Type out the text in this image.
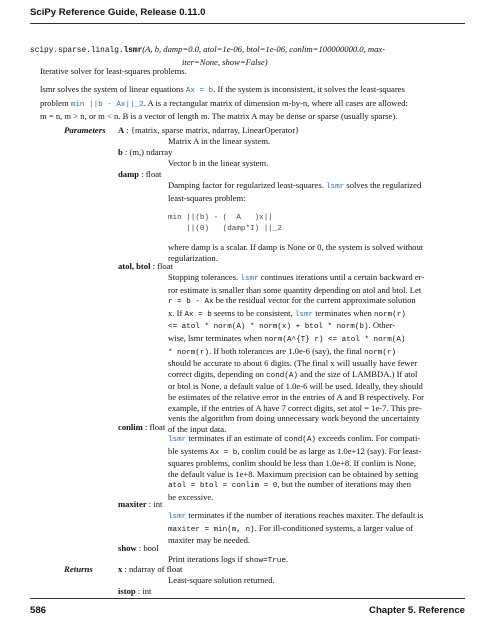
SciPy Reference Guide, Release 0.11.0
scipy.sparse.linalg.lsmr(A, b, damp=0.0, atol=1e-06, btol=1e-06, conlim=100000000.0, max-
iter=None, show=False)
Iterative solver for least-squares problems.
lsmr solves the system of linear equations Ax = b. If the system is inconsistent, it solves the least-squares
problem min ||b - Ax||_2. A is a rectangular matrix of dimension m-by-n, where all cases are allowed:
m = n, m > n, or m < n. B is a vector of length m. The matrix A may be dense or sparse (usually sparse).
Parameters A : {matrix, sparse matrix, ndarray, LinearOperator}
Matrix A in the linear system.
b : (m,) ndarray
Vector b in the linear system.
damp : float
Damping factor for regularized least-squares. lsmr solves the regularized
least-squares problem:
min ||(b) - (  A   )x||
||(0)   (damp*I) ||_2
where damp is a scalar. If damp is None or 0, the system is solved without
regularization.
atol, btol : float
Stopping tolerances. lsmr continues iterations until a certain backward er-
ror estimate is smaller than some quantity depending on atol and btol. Let
r = b - Ax be the residual vector for the current approximate solution
x. If Ax = b seems to be consistent, lsmr terminates when norm(r)
<= atol * norm(A) * norm(x) + btol * norm(b). Other-
wise, lsmr terminates when norm(A^{T} r) <= atol * norm(A)
* norm(r). If both tolerances are 1.0e-6 (say), the final norm(r)
should be accurate to about 6 digits. (The final x will usually have fewer
correct digits, depending on cond(A) and the size of LAMBDA.) If atol
or btol is None, a default value of 1.0e-6 will be used. Ideally, they should
be estimates of the relative error in the entries of A and B respectively. For
example, if the entries of A have 7 correct digits, set atol = 1e-7. This pre-
vents the algorithm from doing unnecessary work beyond the uncertainty
of the input data.
conlim : float
lsmr terminates if an estimate of cond(A) exceeds conlim. For compati-
ble systems Ax = b, conlim could be as large as 1.0e+12 (say). For least-
squares problems, conlim should be less than 1.0e+8. If conlim is None,
the default value is 1e+8. Maximum precision can be obtained by setting
atol = btol = conlim = 0, but the number of iterations may then
be excessive.
maxiter : int
lsmr terminates if the number of iterations reaches maxiter. The default is
maxiter = min(m, n). For ill-conditioned systems, a larger value of
maxiter may be needed.
show : bool
Print iterations logs if show=True.
Returns	x : ndarray of float
Least-square solution returned.
586	Chapter 5. Reference
istop : int
